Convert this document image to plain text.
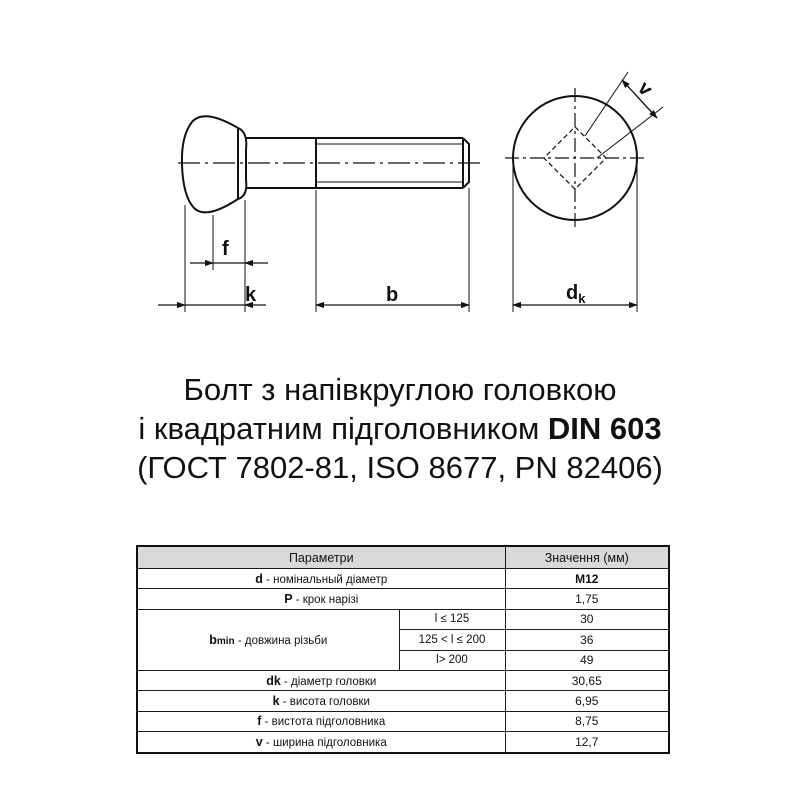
f
k	b	$d_k$
v
Болт з напівкруглою головкою
і квадратним підголовником DIN 603
(ГОСТ 7802-81, ISO 8677, PN 82406)
Параметри		Значення (мм)
d - номінальный діаметр		M12
P - крок нарізі		1,75
bmin - довжина різьби	l ≤ 125	30
	125 < l ≤ 200	36
	l> 200	49
dk - діаметр головки		30,65
k - висота головки		6,95
f - вистота підголовника		8,75
v - ширина підголовника		12,7
